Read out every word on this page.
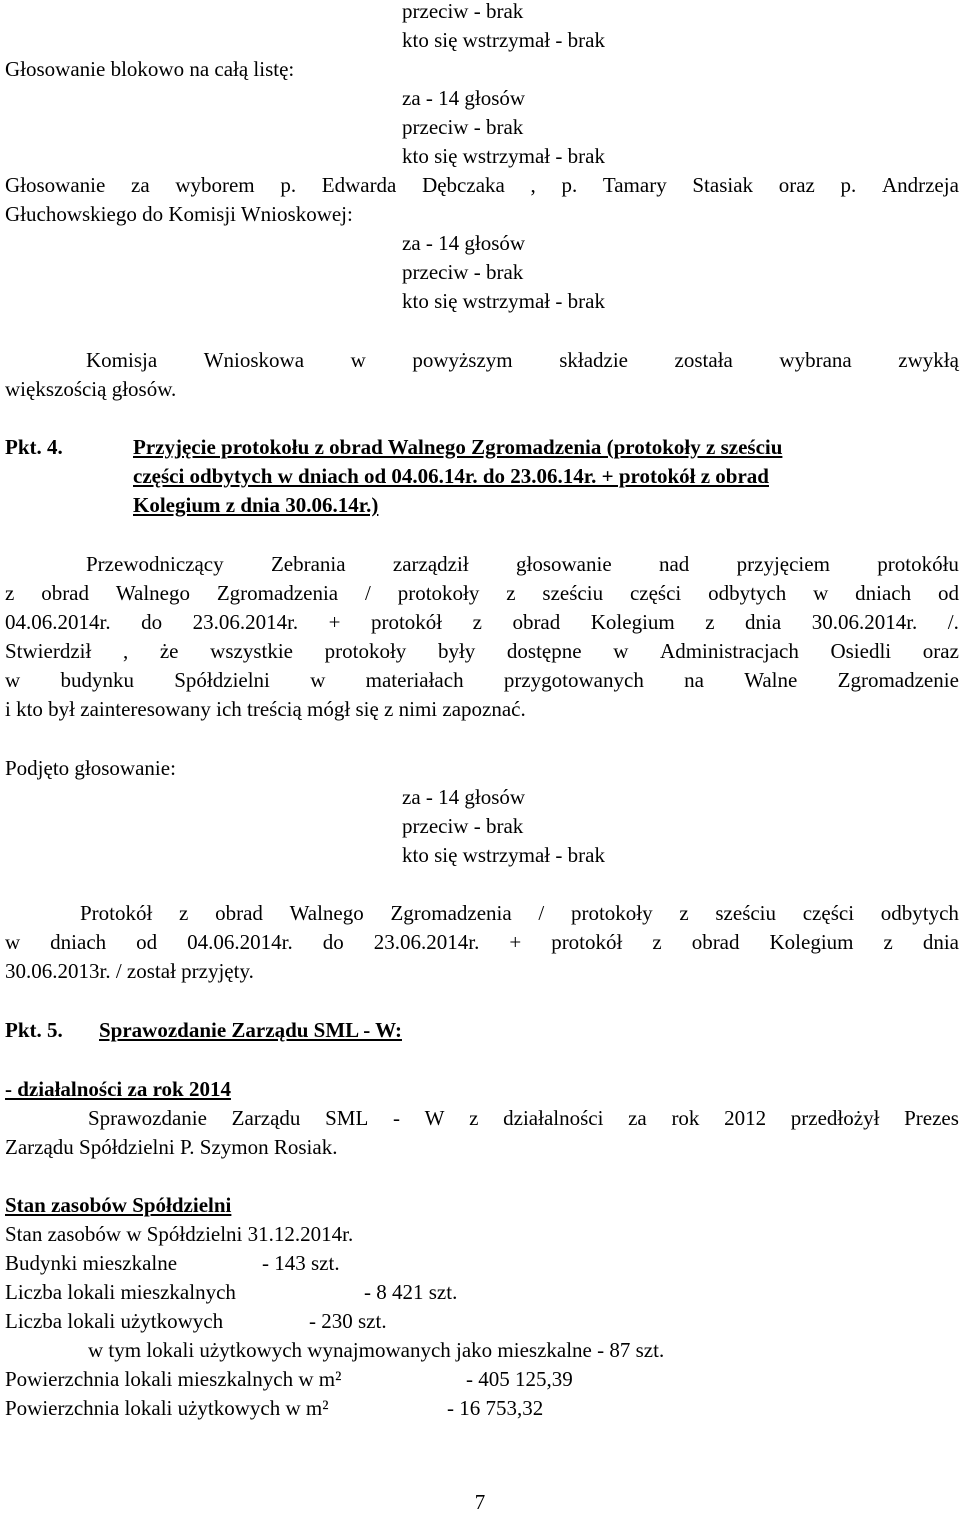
przeciw - brak
kto się wstrzymał - brak
Głosowanie blokowo na całą listę:
za - 14 głosów
przeciw - brak
kto się wstrzymał - brak
Głosowanie za wyborem p. Edwarda Dębczaka , p. Tamary Stasiak oraz p. Andrzeja
Głuchowskiego do Komisji Wnioskowej:
za - 14 głosów
przeciw - brak
kto się wstrzymał - brak
Komisja Wnioskowa w powyższym składzie została wybrana zwykłą
większością głosów.
Pkt. 4.	Przyjęcie protokołu z obrad Walnego Zgromadzenia (protokoły z sześciu
części odbytych w dniach od 04.06.14r. do 23.06.14r. + protokół z obrad
Kolegium z dnia 30.06.14r.)
Przewodniczący Zebrania zarządził głosowanie nad przyjęciem protokółu
z obrad Walnego Zgromadzenia / protokoły z sześciu części odbytych w dniach od
04.06.2014r. do 23.06.2014r. + protokół z obrad Kolegium z dnia 30.06.2014r. /.
Stwierdził , że wszystkie protokoły były dostępne w Administracjach Osiedli oraz
w budynku Spółdzielni w materiałach przygotowanych na Walne Zgromadzenie
i kto był zainteresowany ich treścią mógł się z nimi zapoznać.
Podjęto głosowanie:
za - 14 głosów
przeciw - brak
kto się wstrzymał - brak
Protokół z obrad Walnego Zgromadzenia / protokoły z sześciu części odbytych
w dniach od 04.06.2014r. do 23.06.2014r. + protokół z obrad Kolegium z dnia
30.06.2013r. / został przyjęty.
Pkt. 5. Sprawozdanie Zarządu SML - W:
- działalności za rok 2014
Sprawozdanie Zarządu SML - W z działalności za rok 2012 przedłożył Prezes
Zarządu Spółdzielni P. Szymon Rosiak.
Stan zasobów Spółdzielni
Stan zasobów w Spółdzielni 31.12.2014r.
Budynki mieszkalne	- 143 szt.
Liczba lokali mieszkalnych	- 8 421 szt.
Liczba lokali użytkowych	- 230 szt.
w tym lokali użytkowych wynajmowanych jako mieszkalne - 87 szt.
Powierzchnia lokali mieszkalnych w m²	- 405 125,39
Powierzchnia lokali użytkowych w m²	- 16 753,32
7
